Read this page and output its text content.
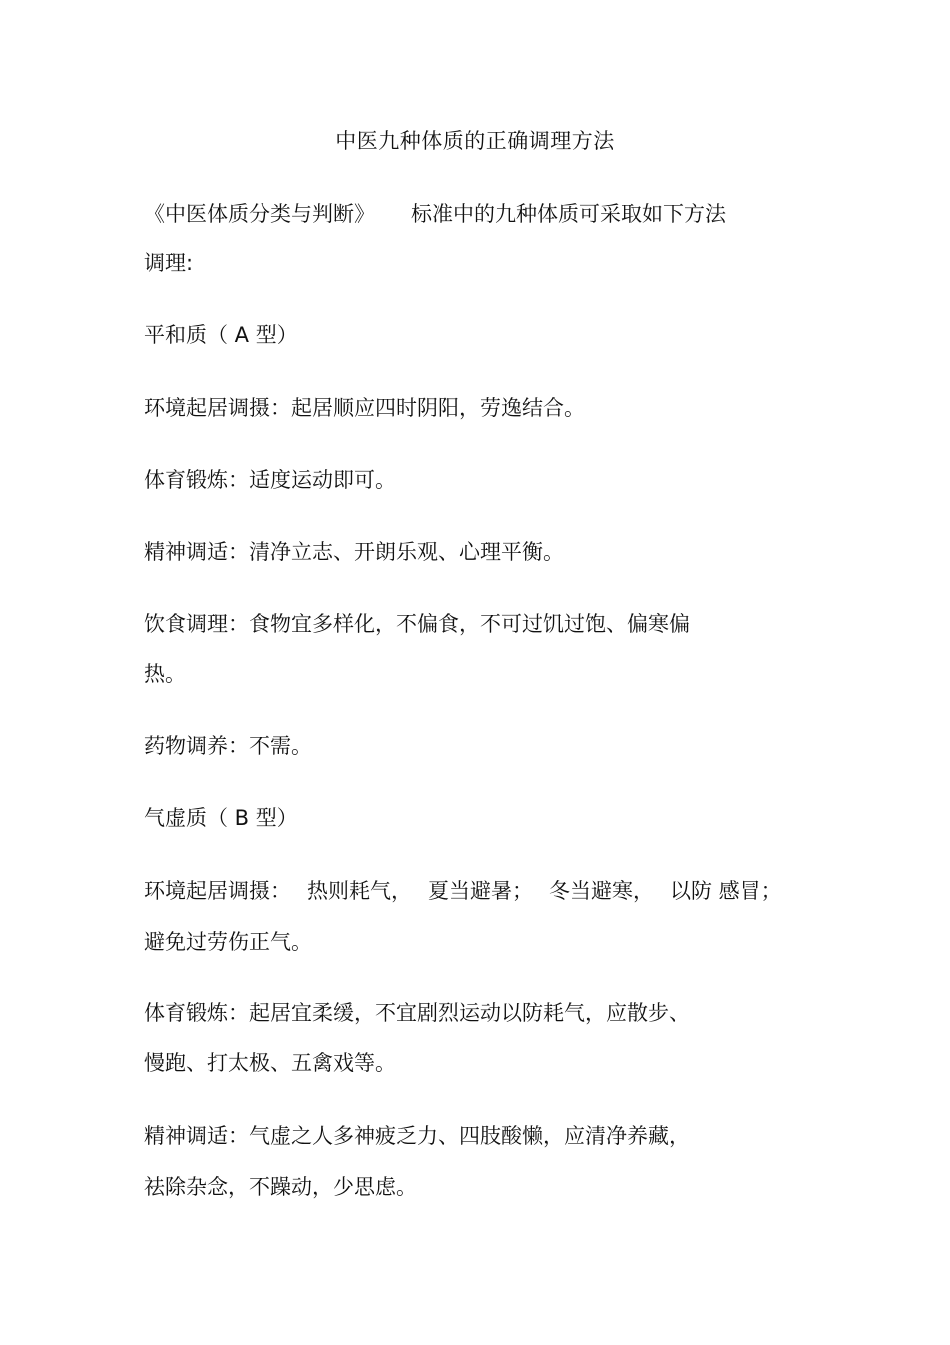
中医九种体质的正确调理方法
《中医体质分类与判断》 标准中的九种体质可采取如下方法
调理:
平和质（ A 型）
环境起居调摄：起居顺应四时阴阳，劳逸结合。
体育锻炼：适度运动即可。
精神调适：清净立志、开朗乐观、心理平衡。
饮食调理：食物宜多样化，不偏食，不可过饥过饱、偏寒偏
热。
药物调养：不需。
气虚质（ B 型）
环境起居调摄： 热则耗气， 夏当避暑； 冬当避寒， 以防 感冒；
避免过劳伤正气。
体育锻炼：起居宜柔缓，不宜剧烈运动以防耗气，应散步、
慢跑、打太极、五禽戏等。
精神调适：气虚之人多神疲乏力、四肢酸懒，应清净养藏，
祛除杂念，不躁动，少思虑。
